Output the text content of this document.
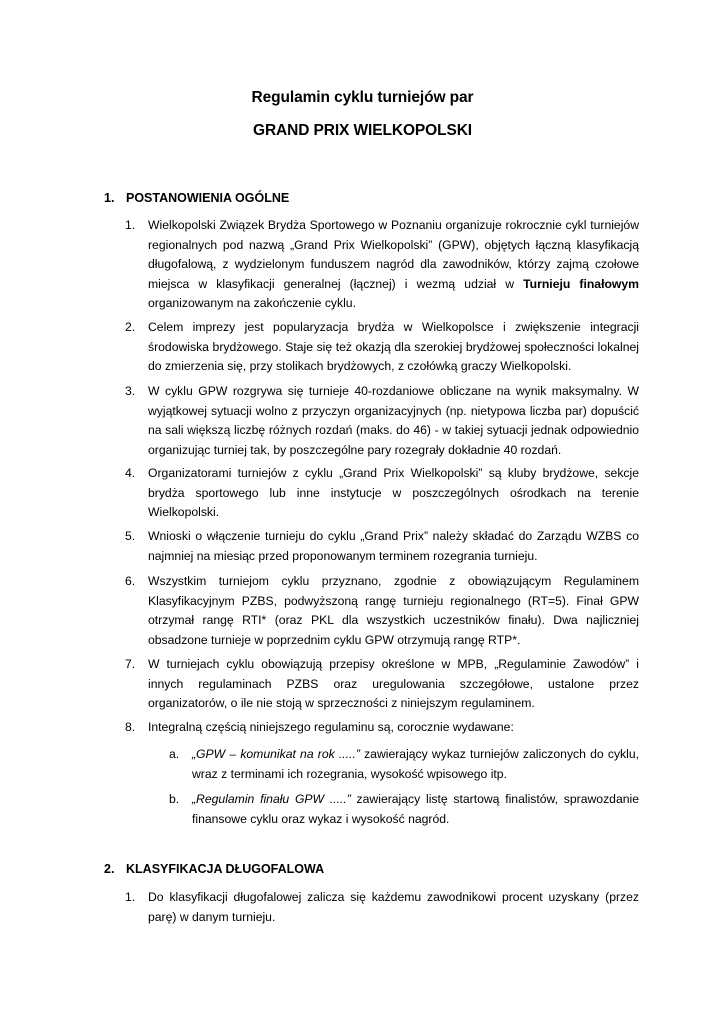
Regulamin cyklu turniejów par
GRAND PRIX WIELKOPOLSKI
1. POSTANOWIENIA OGÓLNE
1. Wielkopolski Związek Brydża Sportowego w Poznaniu organizuje rokrocznie cykl turniejów regionalnych pod nazwą „Grand Prix Wielkopolski” (GPW), objętych łączną klasyfikacją długofalową, z wydzielonym funduszem nagród dla zawodników, którzy zajmą czołowe miejsca w klasyfikacji generalnej (łącznej) i wezmą udział w Turnieju finałowym organizowanym na zakończenie cyklu.
2. Celem imprezy jest popularyzacja brydża w Wielkopolsce i zwiększenie integracji środowiska brydżowego. Staje się też okazją dla szerokiej brydżowej społeczności lokalnej do zmierzenia się, przy stolikach brydżowych, z czołówką graczy Wielkopolski.
3. W cyklu GPW rozgrywa się turnieje 40-rozdaniowe obliczane na wynik maksymalny. W wyjątkowej sytuacji wolno z przyczyn organizacyjnych (np. nietypowa liczba par) dopuścić na sali większą liczbę różnych rozdań (maks. do 46) - w takiej sytuacji jednak odpowiednio organizując turniej tak, by poszczególne pary rozegrały dokładnie 40 rozdań.
4. Organizatorami turniejów z cyklu „Grand Prix Wielkopolski” są kluby brydżowe, sekcje brydża sportowego lub inne instytucje w poszczególnych ośrodkach na terenie Wielkopolski.
5. Wnioski o włączenie turnieju do cyklu „Grand Prix” należy składać do Zarządu WZBS co najmniej na miesiąc przed proponowanym terminem rozegrania turnieju.
6. Wszystkim turniejom cyklu przyznano, zgodnie z obowiązującym Regulaminem Klasyfikacyjnym PZBS, podwyższoną rangę turnieju regionalnego (RT=5). Finał GPW otrzymał rangę RTI* (oraz PKL dla wszystkich uczestników finału). Dwa najliczniej obsadzone turnieje w poprzednim cyklu GPW otrzymują rangę RTP*.
7. W turniejach cyklu obowiązują przepisy określone w MPB, „Regulaminie Zawodów” i innych regulaminach PZBS oraz uregulowania szczegółowe, ustalone przez organizatorów, o ile nie stoją w sprzeczności z niniejszym regulaminem.
8. Integralną częścią niniejszego regulaminu są, corocznie wydawane:
a. „GPW – komunikat na rok .....” zawierający wykaz turniejów zaliczonych do cyklu, wraz z terminami ich rozegrania, wysokość wpisowego itp.
b. „Regulamin finału GPW .....” zawierający listę startową finalistów, sprawozdanie finansowe cyklu oraz wykaz i wysokość nagród.
2. KLASYFIKACJA DŁUGOFALOWA
1. Do klasyfikacji długofalowej zalicza się każdemu zawodnikowi procent uzyskany (przez parę) w danym turnieju.
